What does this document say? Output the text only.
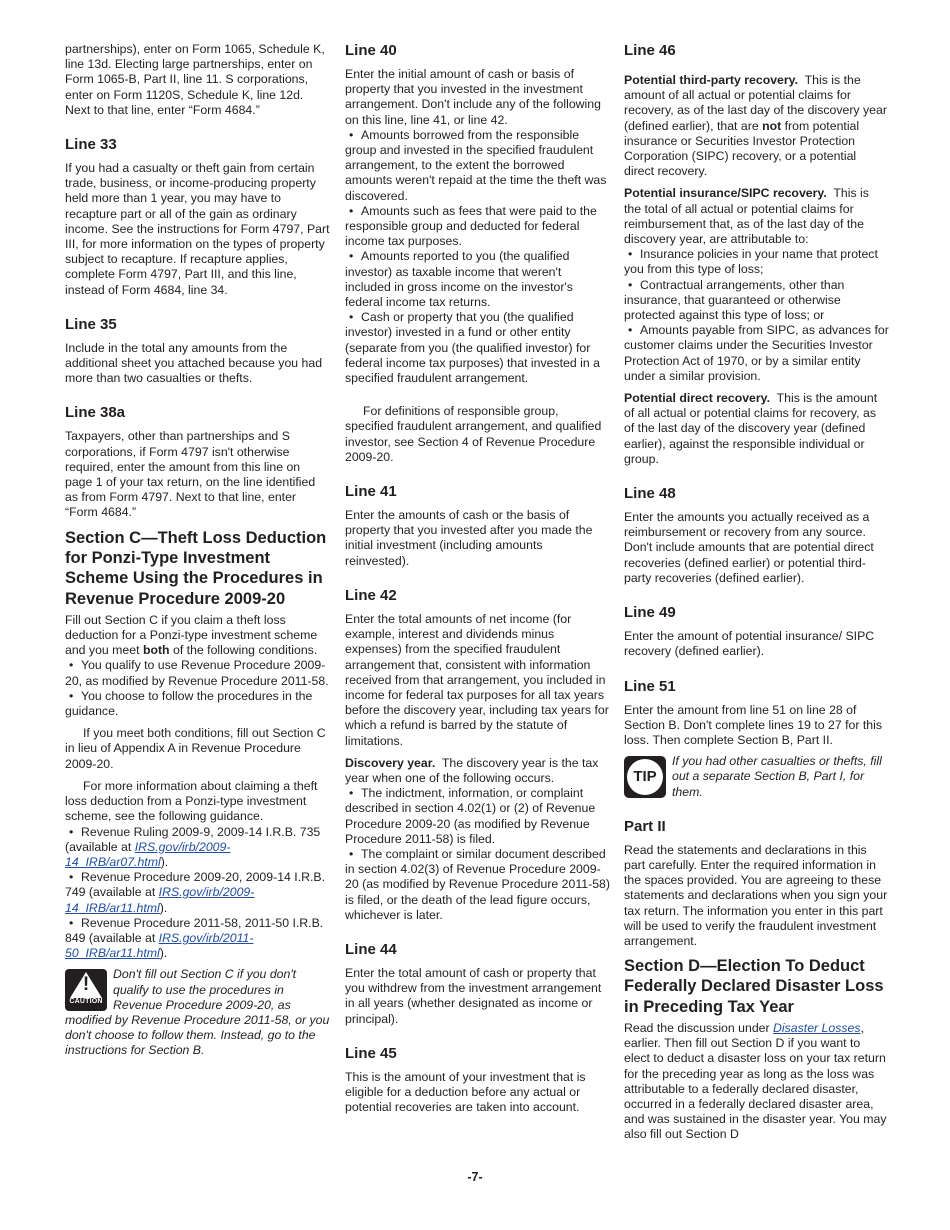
partnerships), enter on Form 1065, Schedule K, line 13d. Electing large partnerships, enter on Form 1065-B, Part II, line 11. S corporations, enter on Form 1120S, Schedule K, line 12d. Next to that line, enter “Form 4684.”

Line 33

If you had a casualty or theft gain from certain trade, business, or income-producing property held more than 1 year, you may have to recapture part or all of the gain as ordinary income. See the instructions for Form 4797, Part III, for more information on the types of property subject to recapture. If recapture applies, complete Form 4797, Part III, and this line, instead of Form 4684, line 34.

Line 35

Include in the total any amounts from the additional sheet you attached because you had more than two casualties or thefts.

Line 38a

Taxpayers, other than partnerships and S corporations, if Form 4797 isn't otherwise required, enter the amount from this line on page 1 of your tax return, on the line identified as from Form 4797. Next to that line, enter “Form 4684.”

Section C—Theft Loss Deduction for Ponzi-Type Investment Scheme Using the Procedures in Revenue Procedure 2009-20

Fill out Section C if you claim a theft loss deduction for a Ponzi-type investment scheme and you meet both of the following conditions.

• You qualify to use Revenue Procedure 2009-20, as modified by Revenue Procedure 2011-58.

• You choose to follow the procedures in the guidance.

If you meet both conditions, fill out Section C in lieu of Appendix A in Revenue Procedure 2009-20.

For more information about claiming a theft loss deduction from a Ponzi-type investment scheme, see the following guidance.

• Revenue Ruling 2009-9, 2009-14 I.R.B. 735 (available at IRS.gov/irb/2009-14_IRB/ar07.html).

• Revenue Procedure 2009-20, 2009-14 I.R.B. 749 (available at IRS.gov/irb/2009-14_IRB/ar11.html).

• Revenue Procedure 2011-58, 2011-50 I.R.B. 849 (available at IRS.gov/irb/2011-50_IRB/ar11.html).

!
CAUTION
Don't fill out Section C if you don't qualify to use the procedures in Revenue Procedure 2009-20, as modified by Revenue Procedure 2011-58, or you don't choose to follow them. Instead, go to the instructions for Section B.
Line 40

Enter the initial amount of cash or basis of property that you invested in the investment arrangement. Don't include any of the following on this line, line 41, or line 42.

• Amounts borrowed from the responsible group and invested in the specified fraudulent arrangement, to the extent the borrowed amounts weren't repaid at the time the theft was discovered.

• Amounts such as fees that were paid to the responsible group and deducted for federal income tax purposes.

• Amounts reported to you (the qualified investor) as taxable income that weren't included in gross income on the investor's federal income tax returns.

• Cash or property that you (the qualified investor) invested in a fund or other entity (separate from you (the qualified investor) for federal income tax purposes) that invested in a specified fraudulent arrangement.

For definitions of responsible group, specified fraudulent arrangement, and qualified investor, see Section 4 of Revenue Procedure 2009-20.

Line 41

Enter the amounts of cash or the basis of property that you invested after you made the initial investment (including amounts reinvested).

Line 42

Enter the total amounts of net income (for example, interest and dividends minus expenses) from the specified fraudulent arrangement that, consistent with information received from that arrangement, you included in income for federal tax purposes for all tax years before the discovery year, including tax years for which a refund is barred by the statute of limitations.

Discovery year. The discovery year is the tax year when one of the following occurs.

• The indictment, information, or complaint described in section 4.02(1) or (2) of Revenue Procedure 2009-20 (as modified by Revenue Procedure 2011-58) is filed.

• The complaint or similar document described in section 4.02(3) of Revenue Procedure 2009-20 (as modified by Revenue Procedure 2011-58) is filed, or the death of the lead figure occurs, whichever is later.

Line 44

Enter the total amount of cash or property that you withdrew from the investment arrangement in all years (whether designated as income or principal).

Line 45

This is the amount of your investment that is eligible for a deduction before any actual or potential recoveries are taken into account.

Line 46

Potential third-party recovery. This is the amount of all actual or potential claims for recovery, as of the last day of the discovery year (defined earlier), that are not from potential insurance or Securities Investor Protection Corporation (SIPC) recovery, or a potential direct recovery.

Potential insurance/SIPC recovery. This is the total of all actual or potential claims for reimbursement that, as of the last day of the discovery year, are attributable to:

• Insurance policies in your name that protect you from this type of loss;

• Contractual arrangements, other than insurance, that guaranteed or otherwise protected against this type of loss; or

• Amounts payable from SIPC, as advances for customer claims under the Securities Investor Protection Act of 1970, or by a similar entity under a similar provision.

Potential direct recovery. This is the amount of all actual or potential claims for recovery, as of the last day of the discovery year (defined earlier), against the responsible individual or group.

Line 48

Enter the amounts you actually received as a reimbursement or recovery from any source. Don't include amounts that are potential direct recoveries (defined earlier) or potential third-party recoveries (defined earlier).

Line 49

Enter the amount of potential insurance/ SIPC recovery (defined earlier).

Line 51

Enter the amount from line 51 on line 28 of Section B. Don't complete lines 19 to 27 for this loss. Then complete Section B, Part II.

TIP
If you had other casualties or thefts, fill out a separate Section B, Part I, for them.
Part II

Read the statements and declarations in this part carefully. Enter the required information in the spaces provided. You are agreeing to these statements and declarations when you sign your tax return. The information you enter in this part will be used to verify the fraudulent investment arrangement.

Section D—Election To Deduct Federally Declared Disaster Loss in Preceding Tax Year

Read the discussion under Disaster Losses, earlier. Then fill out Section D if you want to elect to deduct a disaster loss on your tax return for the preceding year as long as the loss was attributable to a federally declared disaster, occurred in a federally declared disaster area, and was sustained in the disaster year. You may also fill out Section D

-7-
